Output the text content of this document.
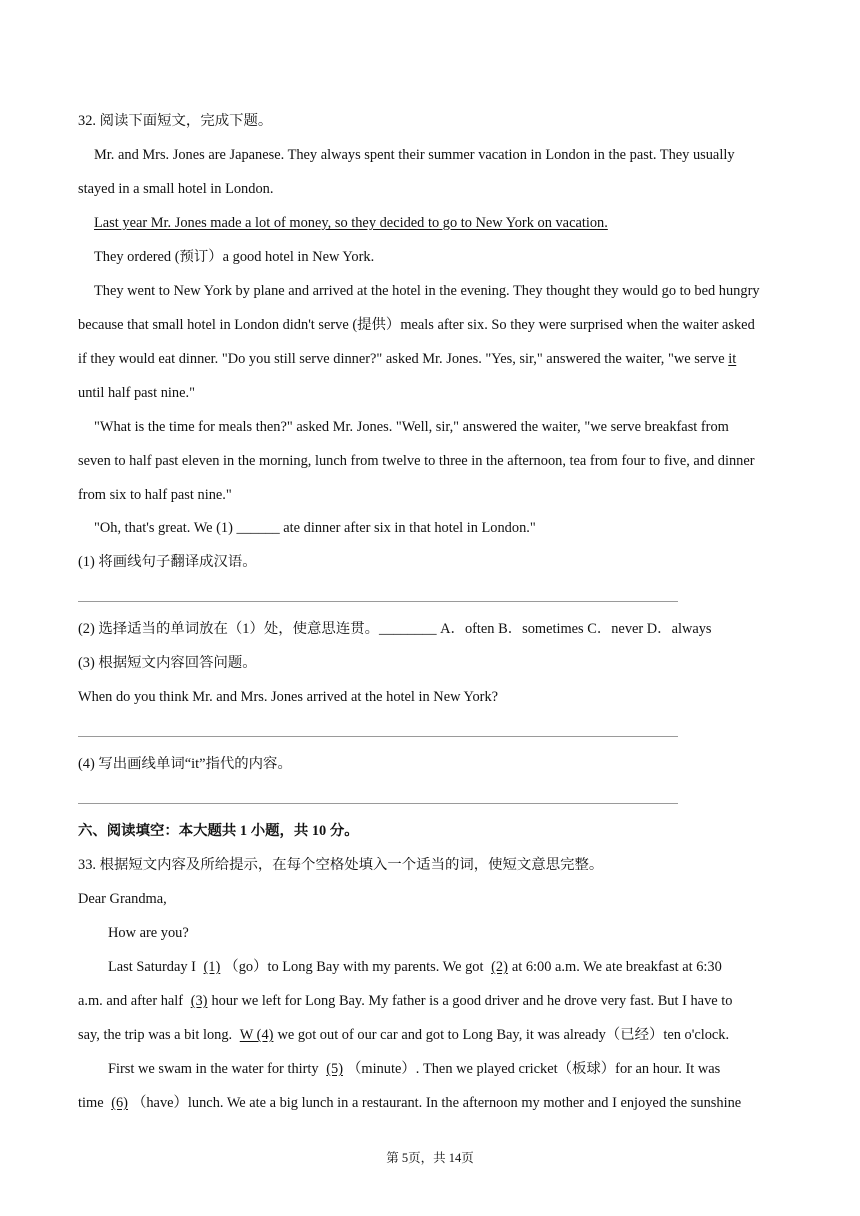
32. 阅读下面短文，完成下题。
Mr. and Mrs. Jones are Japanese. They always spent their summer vacation in London in the past. They usually
stayed in a small hotel in London.
Last year Mr. Jones made a lot of money, so they decided to go to New York on vacation.
They ordered (预订）a good hotel in New York.
They went to New York by plane and arrived at the hotel in the evening. They thought they would go to bed hungry
because that small hotel in London didn't serve (提供）meals after six. So they were surprised when the waiter asked
if they would eat dinner. "Do you still serve dinner?" asked Mr. Jones. "Yes, sir," answered the waiter, "we serve it
until half past nine."
"What is the time for meals then?" asked Mr. Jones. "Well, sir," answered the waiter, "we serve breakfast from
seven to half past eleven in the morning, lunch from twelve to three in the afternoon, tea from four to five, and dinner
from six to half past nine."
"Oh, that's great. We (1) ______ ate dinner after six in that hotel in London."
(1) 将画线句子翻译成汉语。
(2) 选择适当的单词放在（1）处，使意思连贯。________ A．often B．sometimes C．never D．always
(3) 根据短文内容回答问题。
When do you think Mr. and Mrs. Jones arrived at the hotel in New York?
(4) 写出画线单词“it”指代的内容。
六、阅读填空：本大题共 1 小题，共 10 分。
33. 根据短文内容及所给提示，在每个空格处填入一个适当的词，使短文意思完整。
Dear Grandma,
How are you?
Last Saturday I (1)（go）to Long Bay with my parents. We got (2)at 6:00 a.m. We ate breakfast at 6:30
a.m. and after half (3)hour we left for Long Bay. My father is a good driver and he drove very fast. But I have to
say, the trip was a bit long. W (4)we got out of our car and got to Long Bay, it was already（已经）ten o'clock.
First we swam in the water for thirty (5)（minute）. Then we played cricket（板球）for an hour. It was
time (6)（have）lunch. We ate a big lunch in a restaurant. In the afternoon my mother and I enjoyed the sunshine
第 5页，共 14页
